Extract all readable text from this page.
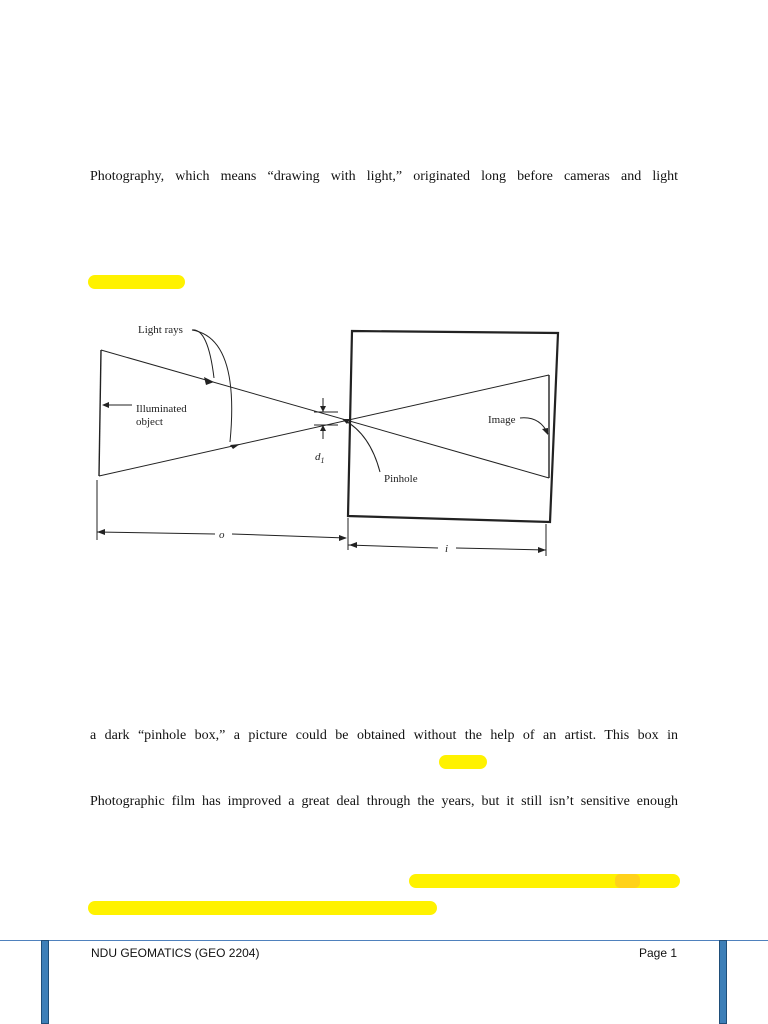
Photography, which means “drawing with light,” originated long before cameras and light
Light rays
Illuminated
object	Image
Pinhole
$d_1$
o
i
a dark “pinhole box,” a picture could be obtained without the help of an artist. This box in
Photographic film has improved a great deal through the years, but it still isn’t sensitive enough
NDU GEOMATICS (GEO 2204)	Page 1
